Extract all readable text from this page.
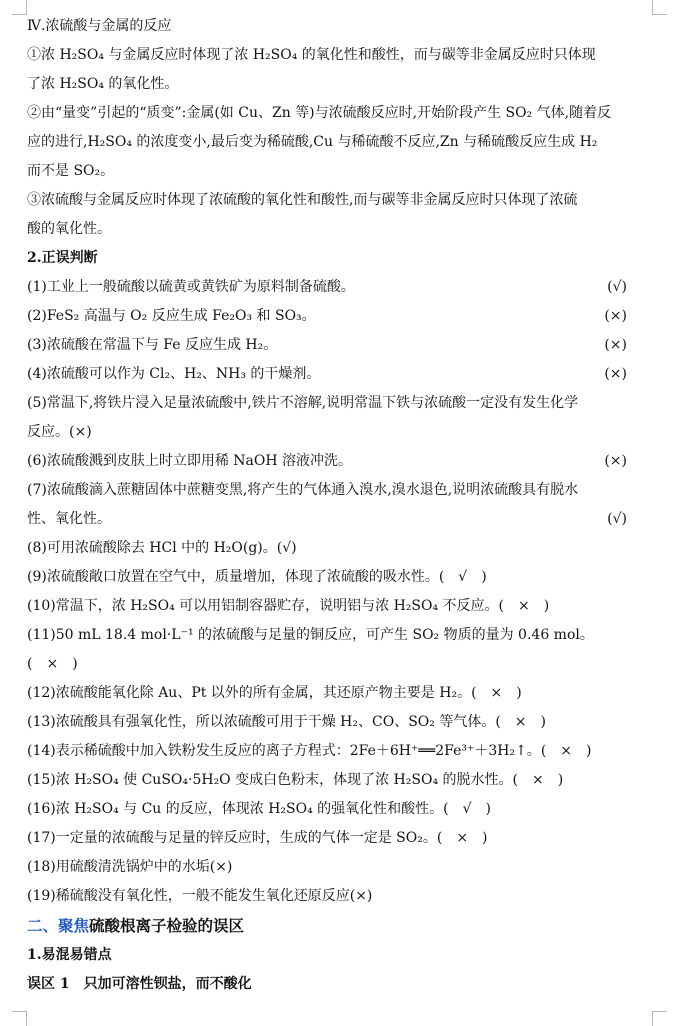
Ⅳ.浓硫酸与金属的反应
①浓 H₂SO₄ 与金属反应时体现了浓 H₂SO₄ 的氧化性和酸性，而与碳等非金属反应时只体现
了浓 H₂SO₄ 的氧化性。
②由“量变”引起的“质变”:金属(如 Cu、Zn 等)与浓硫酸反应时,开始阶段产生 SO₂ 气体,随着反
应的进行,H₂SO₄ 的浓度变小,最后变为稀硫酸,Cu 与稀硫酸不反应,Zn 与稀硫酸反应生成 H₂
而不是 SO₂。
③浓硫酸与金属反应时体现了浓硫酸的氧化性和酸性,而与碳等非金属反应时只体现了浓硫
酸的氧化性。
2.正误判断
(1)工业上一般硫酸以硫黄或黄铁矿为原料制备硫酸。	(√)
(2)FeS₂ 高温与 O₂ 反应生成 Fe₂O₃ 和 SO₃。	(×)
(3)浓硫酸在常温下与 Fe 反应生成 H₂。	(×)
(4)浓硫酸可以作为 Cl₂、H₂、NH₃ 的干燥剂。	(×)
(5)常温下,将铁片浸入足量浓硫酸中,铁片不溶解,说明常温下铁与浓硫酸一定没有发生化学
反应。(×)
(6)浓硫酸溅到皮肤上时立即用稀 NaOH 溶液冲洗。	(×)
(7)浓硫酸滴入蔗糖固体中蔗糖变黑,将产生的气体通入溴水,溴水退色,说明浓硫酸具有脱水
性、氧化性。	(√)
(8)可用浓硫酸除去 HCl 中的 H₂O(g)。(√)
(9)浓硫酸敞口放置在空气中，质量增加，体现了浓硫酸的吸水性。(　√　)
(10)常温下，浓 H₂SO₄ 可以用铝制容器贮存，说明铝与浓 H₂SO₄ 不反应。(　×　)
(11)50 mL 18.4 mol·L⁻¹ 的浓硫酸与足量的铜反应，可产生 SO₂ 物质的量为 0.46 mol。
(　×　)
(12)浓硫酸能氧化除 Au、Pt 以外的所有金属，其还原产物主要是 H₂。(　×　)
(13)浓硫酸具有强氧化性，所以浓硫酸可用于干燥 H₂、CO、SO₂ 等气体。(　×　)
(14)表示稀硫酸中加入铁粉发生反应的离子方程式：2Fe＋6H⁺══2Fe³⁺＋3H₂↑。(　×　)
(15)浓 H₂SO₄ 使 CuSO₄·5H₂O 变成白色粉末，体现了浓 H₂SO₄ 的脱水性。(　×　)
(16)浓 H₂SO₄ 与 Cu 的反应，体现浓 H₂SO₄ 的强氧化性和酸性。(　√　)
(17)一定量的浓硫酸与足量的锌反应时，生成的气体一定是 SO₂。(　×　)
(18)用硫酸清洗锅炉中的水垢(×)
(19)稀硫酸没有氧化性，一般不能发生氧化还原反应(×)
二、聚焦硫酸根离子检验的误区
1.易混易错点
误区 1　只加可溶性钡盐，而不酸化
